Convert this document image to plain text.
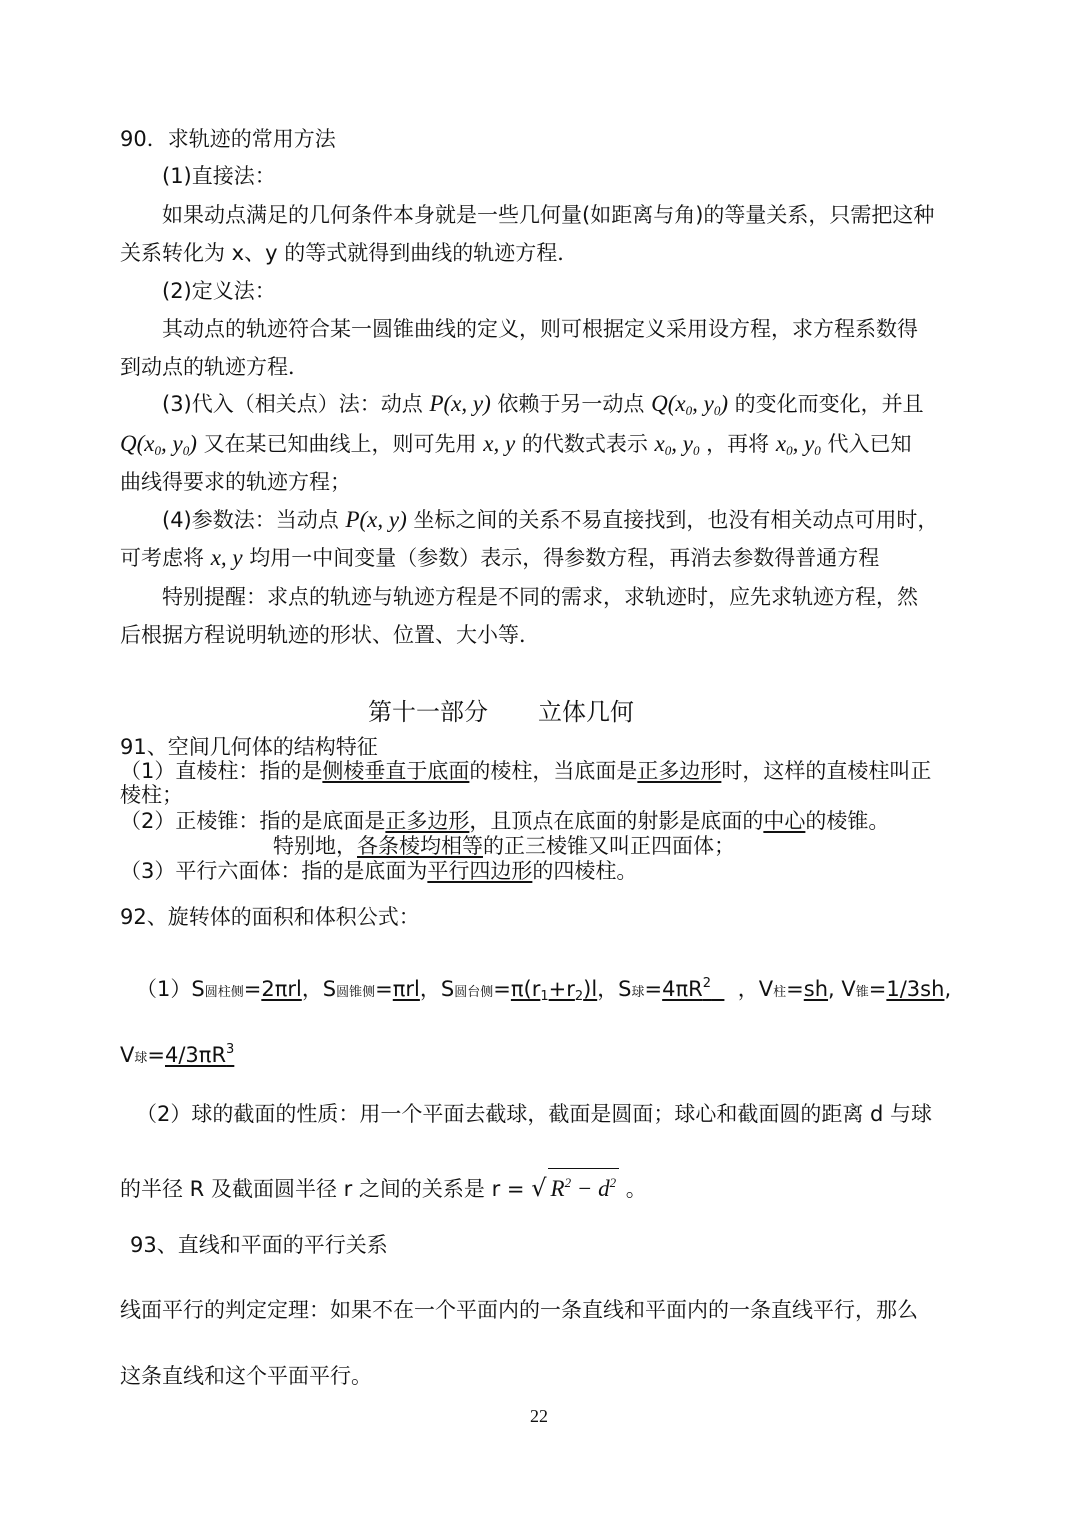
90．求轨迹的常用方法
(1)直接法：
如果动点满足的几何条件本身就是一些几何量(如距离与角)的等量关系，只需把这种
关系转化为 x、y 的等式就得到曲线的轨迹方程．
(2)定义法：
其动点的轨迹符合某一圆锥曲线的定义，则可根据定义采用设方程，求方程系数得
到动点的轨迹方程．
(3)代入（相关点）法：动点 P(x, y) 依赖于另一动点 $Q(x_0$, $y_0$) 的变化而变化，并且
$Q(x_0$, $y_0$) 又在某已知曲线上，则可先用 x, y 的代数式表示 $x_0$, $y_0$ ，再将 $x_0$, $y_0$ 代入已知
曲线得要求的轨迹方程；
(4)参数法：当动点 P(x, y) 坐标之间的关系不易直接找到，也没有相关动点可用时，
可考虑将 x, y 均用一中间变量（参数）表示，得参数方程，再消去参数得普通方程
特别提醒：求点的轨迹与轨迹方程是不同的需求，求轨迹时，应先求轨迹方程，然
后根据方程说明轨迹的形状、位置、大小等．
第十一部分 立体几何
91、空间几何体的结构特征
（1）直棱柱：指的是侧棱垂直于底面的棱柱，当底面是正多边形时，这样的直棱柱叫正
棱柱；
（2）正棱锥：指的是底面是正多边形，且顶点在底面的射影是底面的中心的棱锥。
特别地，各条棱均相等的正三棱锥又叫正四面体；
（3）平行六面体：指的是底面为平行四边形的四棱柱。
92、旋转体的面积和体积公式：
（1）S圆柱侧=2πrl，S圆锥侧=πrl，S圆台侧$=\pi(r_1+r_2)l$，S球$=4\pi R^2$ ，V柱=sh, V锥=1/3sh,
V球$=4/3\pi R^3$
（2）球的截面的性质：用一个平面去截球，截面是圆面；球心和截面圆的距离 d 与球
的半径 R 及截面圆半径 r 之间的关系是 r = √ $R^2 - d^2$ 。
93、直线和平面的平行关系
线面平行的判定定理：如果不在一个平面内的一条直线和平面内的一条直线平行，那么
这条直线和这个平面平行。
22
